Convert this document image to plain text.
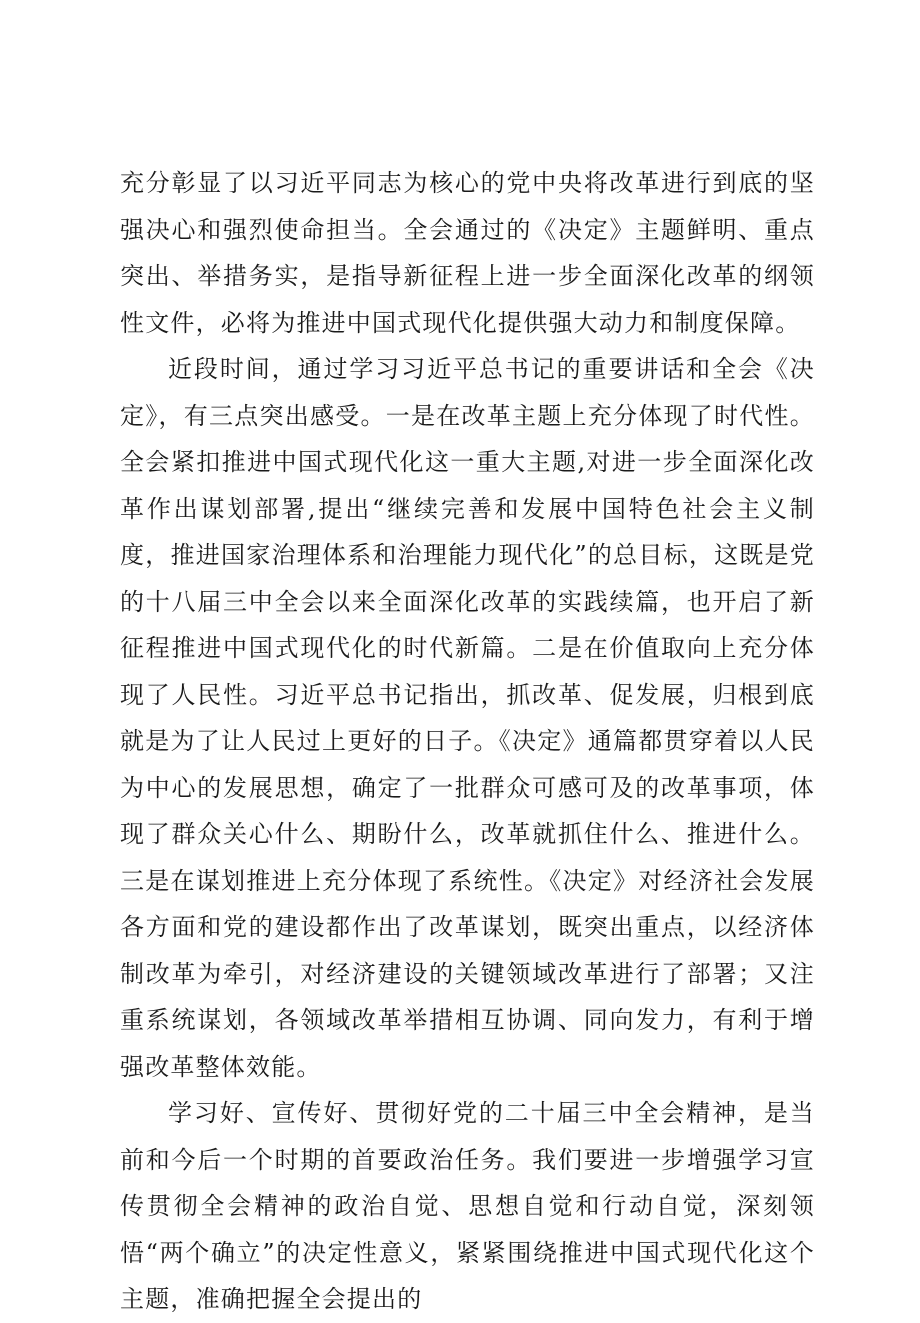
充分彰显了以习近平同志为核心的党中央将改革进行到底的坚强决心和强烈使命担当。全会通过的《决定》主题鲜明、重点突出、举措务实，是指导新征程上进一步全面深化改革的纲领性文件，必将为推进中国式现代化提供强大动力和制度保障。

近段时间，通过学习习近平总书记的重要讲话和全会《决定》，有三点突出感受。一是在改革主题上充分体现了时代性。全会紧扣推进中国式现代化这一重大主题,对进一步全面深化改革作出谋划部署,提出“继续完善和发展中国特色社会主义制度，推进国家治理体系和治理能力现代化”的总目标，这既是党的十八届三中全会以来全面深化改革的实践续篇，也开启了新征程推进中国式现代化的时代新篇。二是在价值取向上充分体现了人民性。习近平总书记指出，抓改革、促发展，归根到底就是为了让人民过上更好的日子。《决定》通篇都贯穿着以人民为中心的发展思想，确定了一批群众可感可及的改革事项，体现了群众关心什么、期盼什么，改革就抓住什么、推进什么。三是在谋划推进上充分体现了系统性。《决定》对经济社会发展各方面和党的建设都作出了改革谋划，既突出重点，以经济体制改革为牵引，对经济建设的关键领域改革进行了部署；又注重系统谋划，各领域改革举措相互协调、同向发力，有利于增强改革整体效能。

学习好、宣传好、贯彻好党的二十届三中全会精神，是当前和今后一个时期的首要政治任务。我们要进一步增强学习宣传贯彻全会精神的政治自觉、思想自觉和行动自觉，深刻领悟“两个确立”的决定性意义，紧紧围绕推进中国式现代化这个主题，准确把握全会提出的
